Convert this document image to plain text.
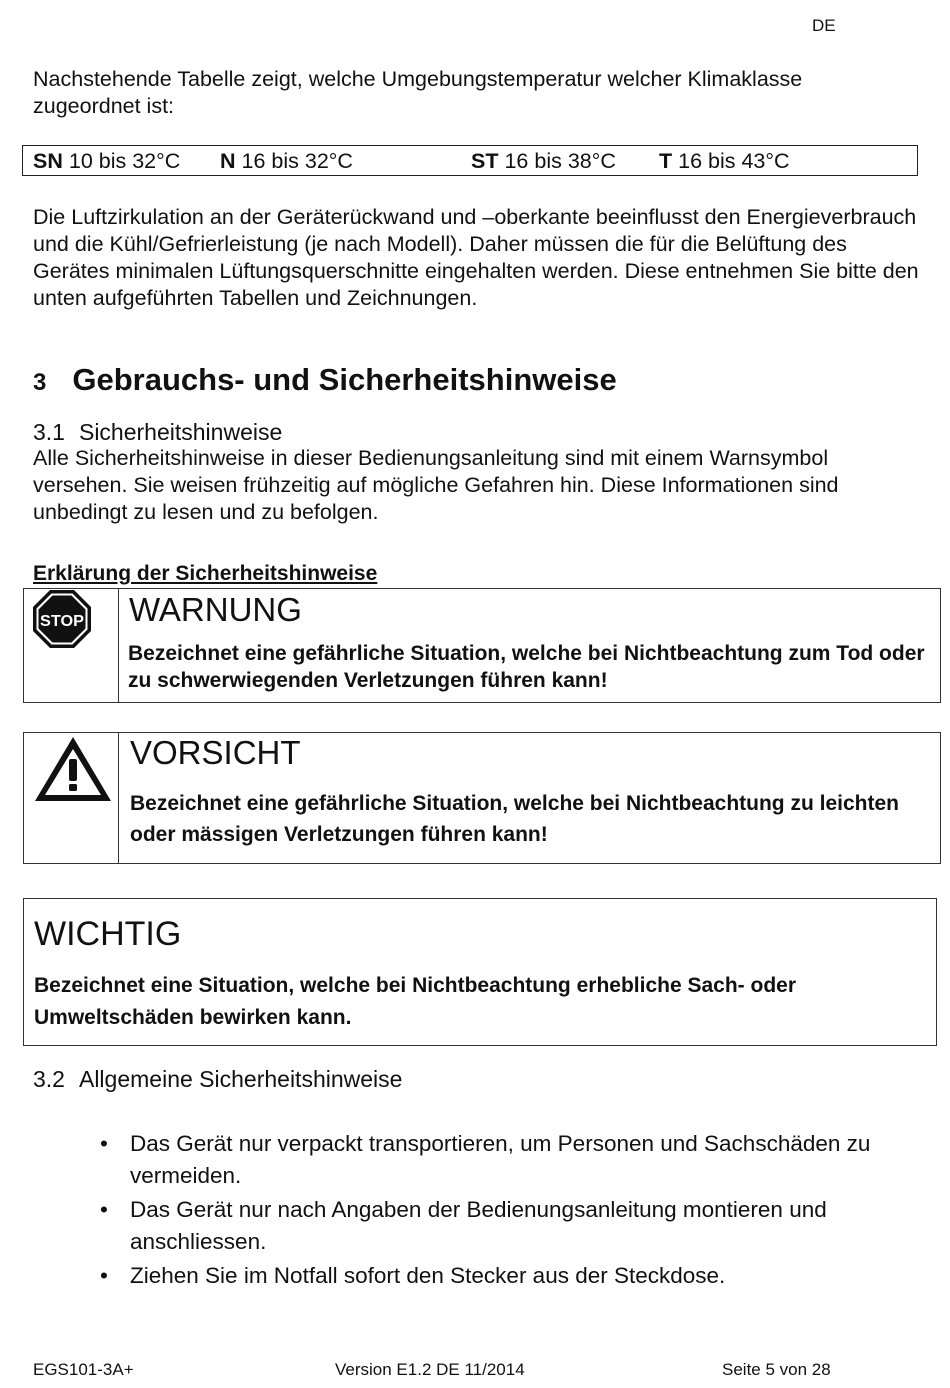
DE
Nachstehende Tabelle zeigt, welche Umgebungstemperatur welcher Klimaklasse zugeordnet ist:
SN 10 bis 32°C N 16 bis 32°C	ST 16 bis 38°C T 16 bis 43°C
Die Luftzirkulation an der Geräterückwand und –oberkante beeinflusst den Energieverbrauch und die Kühl/Gefrierleistung (je nach Modell). Daher müssen die für die Belüftung des Gerätes minimalen Lüftungsquerschnitte eingehalten werden. Diese entnehmen Sie bitte den unten aufgeführten Tabellen und Zeichnungen.
3 Gebrauchs- und Sicherheitshinweise
3.1 Sicherheitshinweise
Alle Sicherheitshinweise in dieser Bedienungsanleitung sind mit einem Warnsymbol versehen. Sie weisen frühzeitig auf mögliche Gefahren hin. Diese Informationen sind unbedingt zu lesen und zu befolgen.
Erklärung der Sicherheitshinweise
STOP WARNUNG
Bezeichnet eine gefährliche Situation, welche bei Nichtbeachtung zum Tod oder zu schwerwiegenden Verletzungen führen kann!
VORSICHT
Bezeichnet eine gefährliche Situation, welche bei Nichtbeachtung zu leichten oder mässigen Verletzungen führen kann!
WICHTIG
Bezeichnet eine Situation, welche bei Nichtbeachtung erhebliche Sach- oder Umweltschäden bewirken kann.
3.2 Allgemeine Sicherheitshinweise
• Das Gerät nur verpackt transportieren, um Personen und Sachschäden zu vermeiden.
• Das Gerät nur nach Angaben der Bedienungsanleitung montieren und anschliessen.
• Ziehen Sie im Notfall sofort den Stecker aus der Steckdose.
EGS101-3A+	Version E1.2 DE 11/2014	Seite 5 von 28
